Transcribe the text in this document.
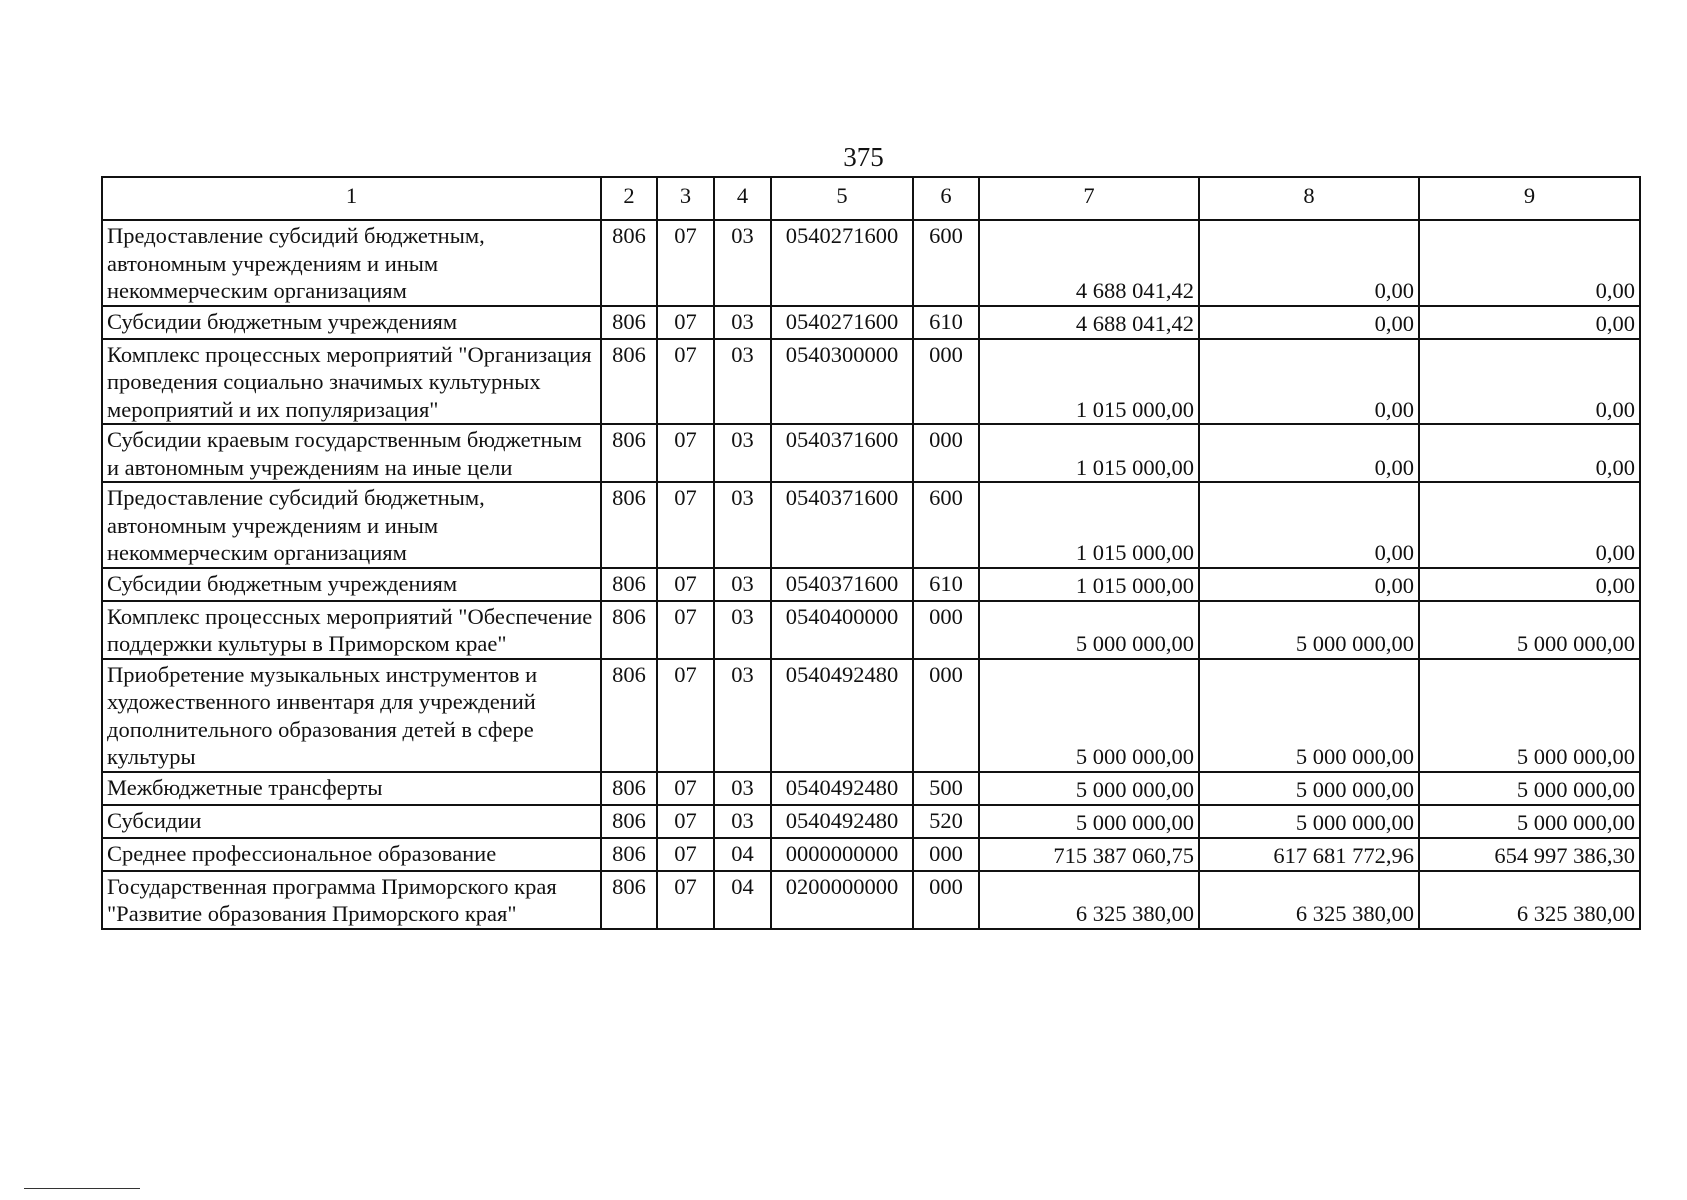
375
1	2	3	4	5	6	7	8	9
Предоставление субсидий бюджетным, автономным учреждениям и иным некоммерческим организациям	806	07	03	0540271600	600	4 688 041,42	0,00	0,00
Субсидии бюджетным учреждениям	806	07	03	0540271600	610	4 688 041,42	0,00	0,00
Комплекс процессных мероприятий "Организация проведения социально значимых культурных мероприятий и их популяризация"	806	07	03	0540300000	000	1 015 000,00	0,00	0,00
Субсидии краевым государственным бюджетным и автономным учреждениям на иные цели	806	07	03	0540371600	000	1 015 000,00	0,00	0,00
Предоставление субсидий бюджетным, автономным учреждениям и иным некоммерческим организациям	806	07	03	0540371600	600	1 015 000,00	0,00	0,00
Субсидии бюджетным учреждениям	806	07	03	0540371600	610	1 015 000,00	0,00	0,00
Комплекс процессных мероприятий "Обеспечение поддержки культуры в Приморском крае"	806	07	03	0540400000	000	5 000 000,00	5 000 000,00	5 000 000,00
Приобретение музыкальных инструментов и художественного инвентаря для учреждений дополнительного образования детей в сфере культуры	806	07	03	0540492480	000	5 000 000,00	5 000 000,00	5 000 000,00
Межбюджетные трансферты	806	07	03	0540492480	500	5 000 000,00	5 000 000,00	5 000 000,00
Субсидии	806	07	03	0540492480	520	5 000 000,00	5 000 000,00	5 000 000,00
Среднее профессиональное образование	806	07	04	0000000000	000	715 387 060,75	617 681 772,96	654 997 386,30
Государственная программа Приморского края "Развитие образования Приморского края"	806	07	04	0200000000	000	6 325 380,00	6 325 380,00	6 325 380,00
